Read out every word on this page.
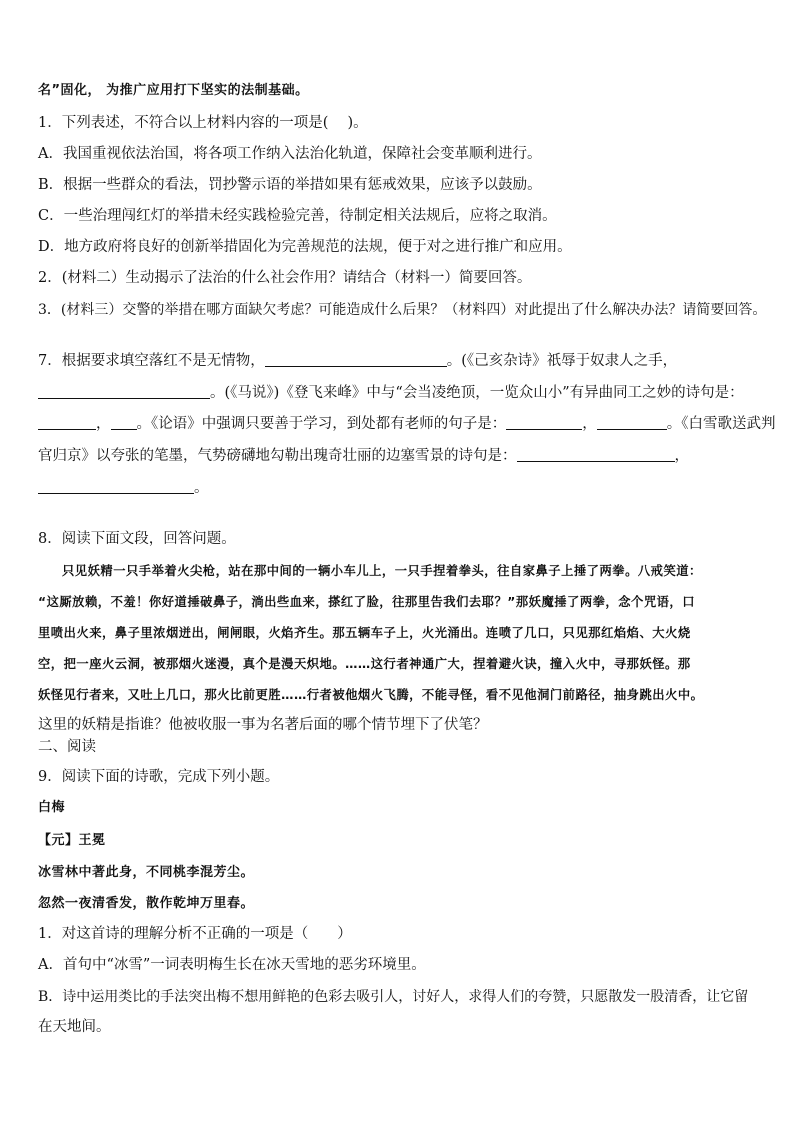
名”固化， 为推广应用打下坚实的法制基础。
1．下列表述，不符合以上材料内容的一项是(　 )。
A．我国重视依法治国，将各项工作纳入法治化轨道，保障社会变革顺利进行。
B．根据一些群众的看法，罚抄警示语的举措如果有惩戒效果，应该予以鼓励。
C．一些治理闯红灯的举措未经实践检验完善，待制定相关法规后，应将之取消。
D．地方政府将良好的创新举措固化为完善规范的法规，便于对之进行推广和应用。
2．(材料二）生动揭示了法治的什么社会作用？请结合（材料一）简要回答。
3．(材料三）交警的举措在哪方面缺欠考虑？可能造成什么后果？（材料四）对此提出了什么解决办法？请简要回答。
7．根据要求填空落红不是无情物，	。(《己亥杂诗》祇辱于奴隶人之手，
。(《马说》)《登飞来峰》中与“会当凌绝顶，一览众山小”有异曲同工之妙的诗句是：
， 。《论语》中强调只要善于学习，到处都有老师的句子是：	，	。《白雪歌送武判
官归京》以夸张的笔墨，气势磅礴地勾勒出瑰奇壮丽的边塞雪景的诗句是：	，
。
8．阅读下面文段，回答问题。
只见妖精一只手举着火尖枪，站在那中间的一辆小车儿上，一只手捏着拳头，往自家鼻子上捶了两拳。八戒笑道：
“这厮放赖，不羞！你好道捶破鼻子，淌出些血来，搽红了脸，往那里告我们去耶？”那妖魔捶了两拳，念个咒语，口
里喷出火来，鼻子里浓烟迸出，闸闸眼，火焰齐生。那五辆车子上，火光涌出。连喷了几口，只见那红焰焰、大火烧
空，把一座火云洞，被那烟火迷漫，真个是漫天炽地。……这行者神通广大，捏着避火诀，撞入火中，寻那妖怪。那
妖怪见行者来，又吐上几口，那火比前更胜……行者被他烟火飞腾，不能寻怪，看不见他洞门前路径，抽身跳出火中。
这里的妖精是指谁？他被收服一事为名著后面的哪个情节埋下了伏笔？
二、阅读
9．阅读下面的诗歌，完成下列小题。
白梅
【元】王冕
冰雪林中著此身，不同桃李混芳尘。
忽然一夜清香发，散作乾坤万里春。
1．对这首诗的理解分析不正确的一项是（　　）
A．首句中“冰雪”一词表明梅生长在冰天雪地的恶劣环境里。
B．诗中运用类比的手法突出梅不想用鲜艳的色彩去吸引人，讨好人，求得人们的夸赞，只愿散发一股清香，让它留
在天地间。
